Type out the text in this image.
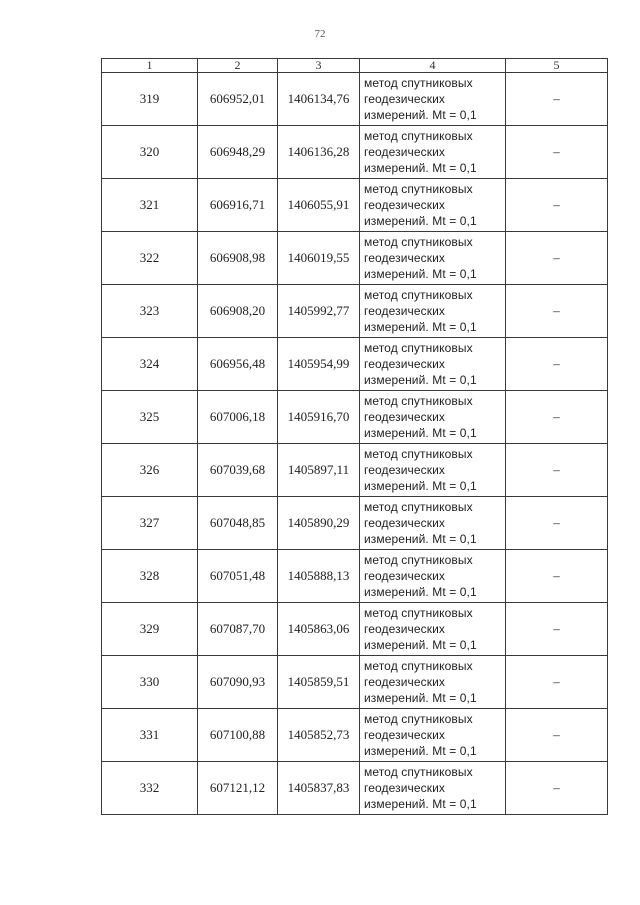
72
1	2	3	4	5
319	606952,01	1406134,76	метод спутниковых
геодезических
измерений. Mt = 0,1	–
320	606948,29	1406136,28	метод спутниковых
геодезических
измерений. Mt = 0,1	–
321	606916,71	1406055,91	метод спутниковых
геодезических
измерений. Mt = 0,1	–
322	606908,98	1406019,55	метод спутниковых
геодезических
измерений. Mt = 0,1	–
323	606908,20	1405992,77	метод спутниковых
геодезических
измерений. Mt = 0,1	–
324	606956,48	1405954,99	метод спутниковых
геодезических
измерений. Mt = 0,1	–
325	607006,18	1405916,70	метод спутниковых
геодезических
измерений. Mt = 0,1	–
326	607039,68	1405897,11	метод спутниковых
геодезических
измерений. Mt = 0,1	–
327	607048,85	1405890,29	метод спутниковых
геодезических
измерений. Mt = 0,1	–
328	607051,48	1405888,13	метод спутниковых
геодезических
измерений. Mt = 0,1	–
329	607087,70	1405863,06	метод спутниковых
геодезических
измерений. Mt = 0,1	–
330	607090,93	1405859,51	метод спутниковых
геодезических
измерений. Mt = 0,1	–
331	607100,88	1405852,73	метод спутниковых
геодезических
измерений. Mt = 0,1	–
332	607121,12	1405837,83	метод спутниковых
геодезических
измерений. Mt = 0,1	–
